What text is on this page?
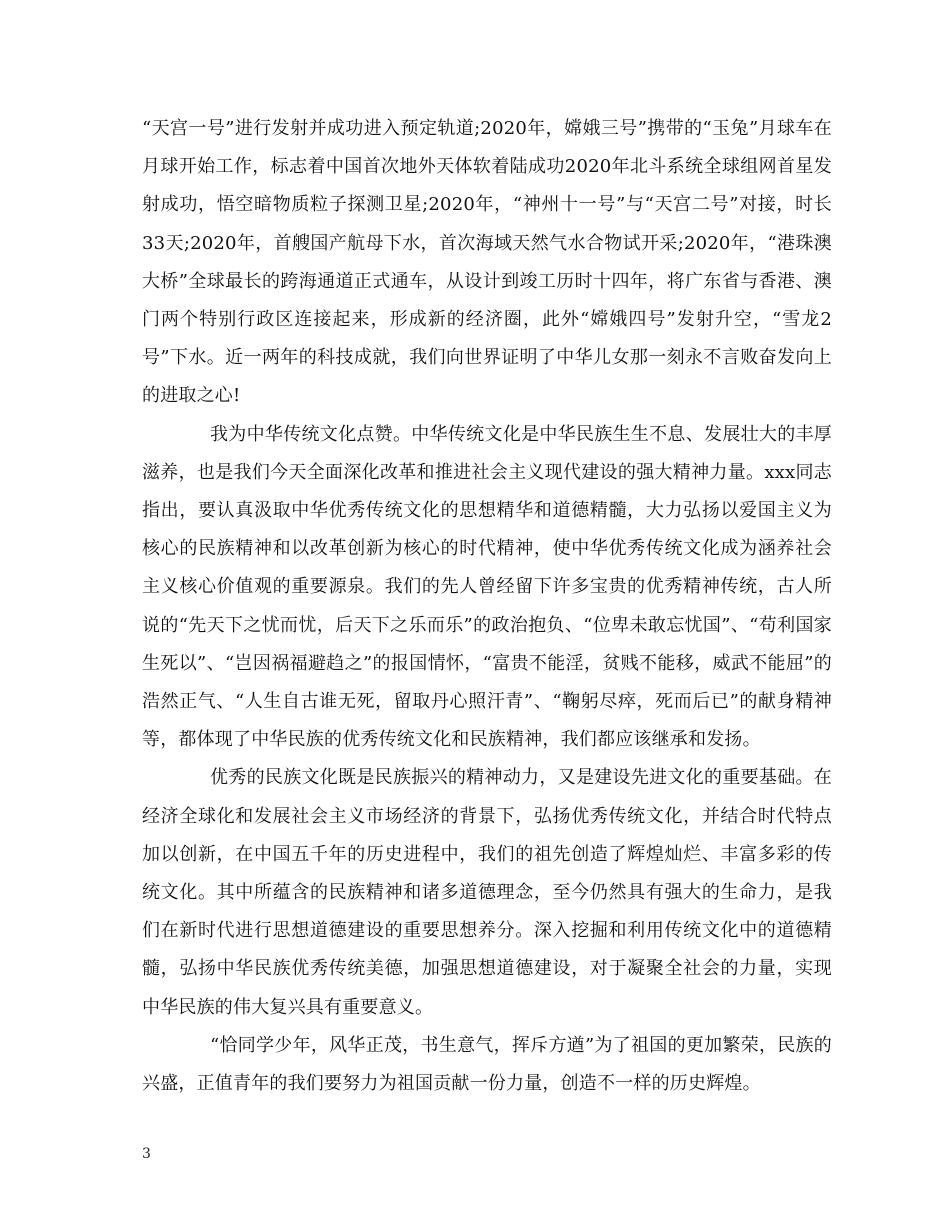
“天宫一号”进行发射并成功进入预定轨道;2020年，嫦娥三号”携带的“玉兔”月球车在月球开始工作，标志着中国首次地外天体软着陆成功2020年北斗系统全球组网首星发射成功，悟空暗物质粒子探测卫星;2020年，“神州十一号”与“天宫二号”对接，时长33天;2020年，首艘国产航母下水，首次海域天然气水合物试开采;2020年，“港珠澳大桥”全球最长的跨海通道正式通车，从设计到竣工历时十四年，将广东省与香港、澳门两个特别行政区连接起来，形成新的经济圈，此外“嫦娥四号”发射升空，“雪龙2号”下水。近一两年的科技成就，我们向世界证明了中华儿女那一刻永不言败奋发向上的进取之心!

我为中华传统文化点赞。中华传统文化是中华民族生生不息、发展壮大的丰厚滋养，也是我们今天全面深化改革和推进社会主义现代建设的强大精神力量。xxx同志指出，要认真汲取中华优秀传统文化的思想精华和道德精髓，大力弘扬以爱国主义为核心的民族精神和以改革创新为核心的时代精神，使中华优秀传统文化成为涵养社会主义核心价值观的重要源泉。我们的先人曾经留下许多宝贵的优秀精神传统，古人所说的“先天下之忧而忧，后天下之乐而乐”的政治抱负、“位卑未敢忘忧国”、“苟利国家生死以”、“岂因祸福避趋之”的报国情怀，“富贵不能淫，贫贱不能移，威武不能屈”的浩然正气、“人生自古谁无死，留取丹心照汗青”、“鞠躬尽瘁，死而后已”的献身精神等，都体现了中华民族的优秀传统文化和民族精神，我们都应该继承和发扬。

优秀的民族文化既是民族振兴的精神动力，又是建设先进文化的重要基础。在经济全球化和发展社会主义市场经济的背景下，弘扬优秀传统文化，并结合时代特点加以创新，在中国五千年的历史进程中，我们的祖先创造了辉煌灿烂、丰富多彩的传统文化。其中所蕴含的民族精神和诸多道德理念，至今仍然具有强大的生命力，是我们在新时代进行思想道德建设的重要思想养分。深入挖掘和利用传统文化中的道德精髓，弘扬中华民族优秀传统美德，加强思想道德建设，对于凝聚全社会的力量，实现中华民族的伟大复兴具有重要意义。

“恰同学少年，风华正茂，书生意气，挥斥方遒”为了祖国的更加繁荣，民族的兴盛，正值青年的我们要努力为祖国贡献一份力量，创造不一样的历史辉煌。

3
